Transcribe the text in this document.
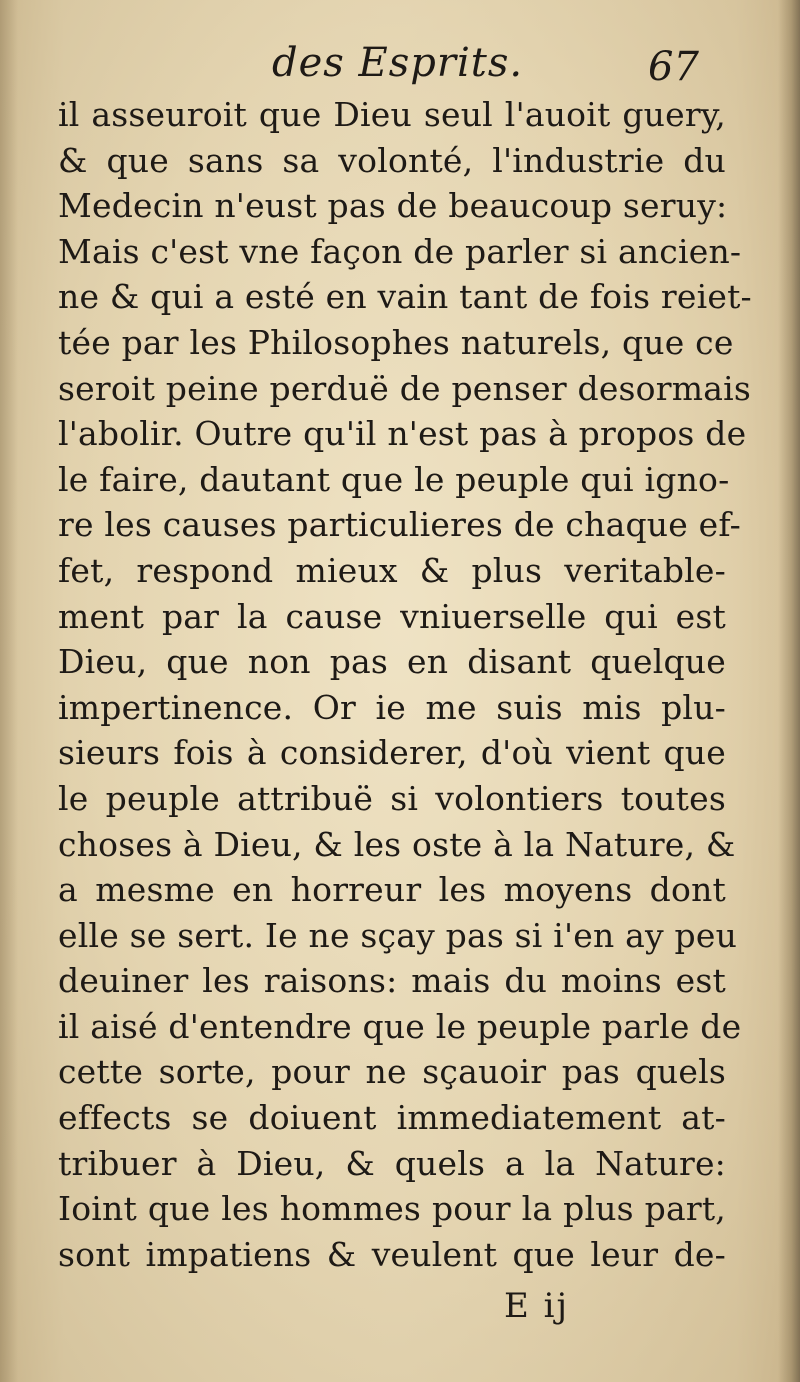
des Esprits.	67
il asseuroit que Dieu seul l'auoit guery,
& que sans sa volonté, l'industrie du
Medecin n'eust pas de beaucoup seruy:
Mais c'est vne façon de parler si ancien-
ne & qui a esté en vain tant de fois reiet-
tée par les Philosophes naturels, que ce
seroit peine perduë de penser desormais
l'abolir. Outre qu'il n'est pas à propos de
le faire, dautant que le peuple qui igno-
re les causes particulieres de chaque ef-
fet, respond mieux & plus veritable-
ment par la cause vniuerselle qui est
Dieu, que non pas en disant quelque
impertinence. Or ie me suis mis plu-
sieurs fois à considerer, d'où vient que
le peuple attribuë si volontiers toutes
choses à Dieu, & les oste à la Nature, &
a mesme en horreur les moyens dont
elle se sert. Ie ne sçay pas si i'en ay peu
deuiner les raisons: mais du moins est
il aisé d'entendre que le peuple parle de
cette sorte, pour ne sçauoir pas quels
effects se doiuent immediatement at-
tribuer à Dieu, & quels a la Nature:
Ioint que les hommes pour la plus part,
sont impatiens & veulent que leur de-
E ij
